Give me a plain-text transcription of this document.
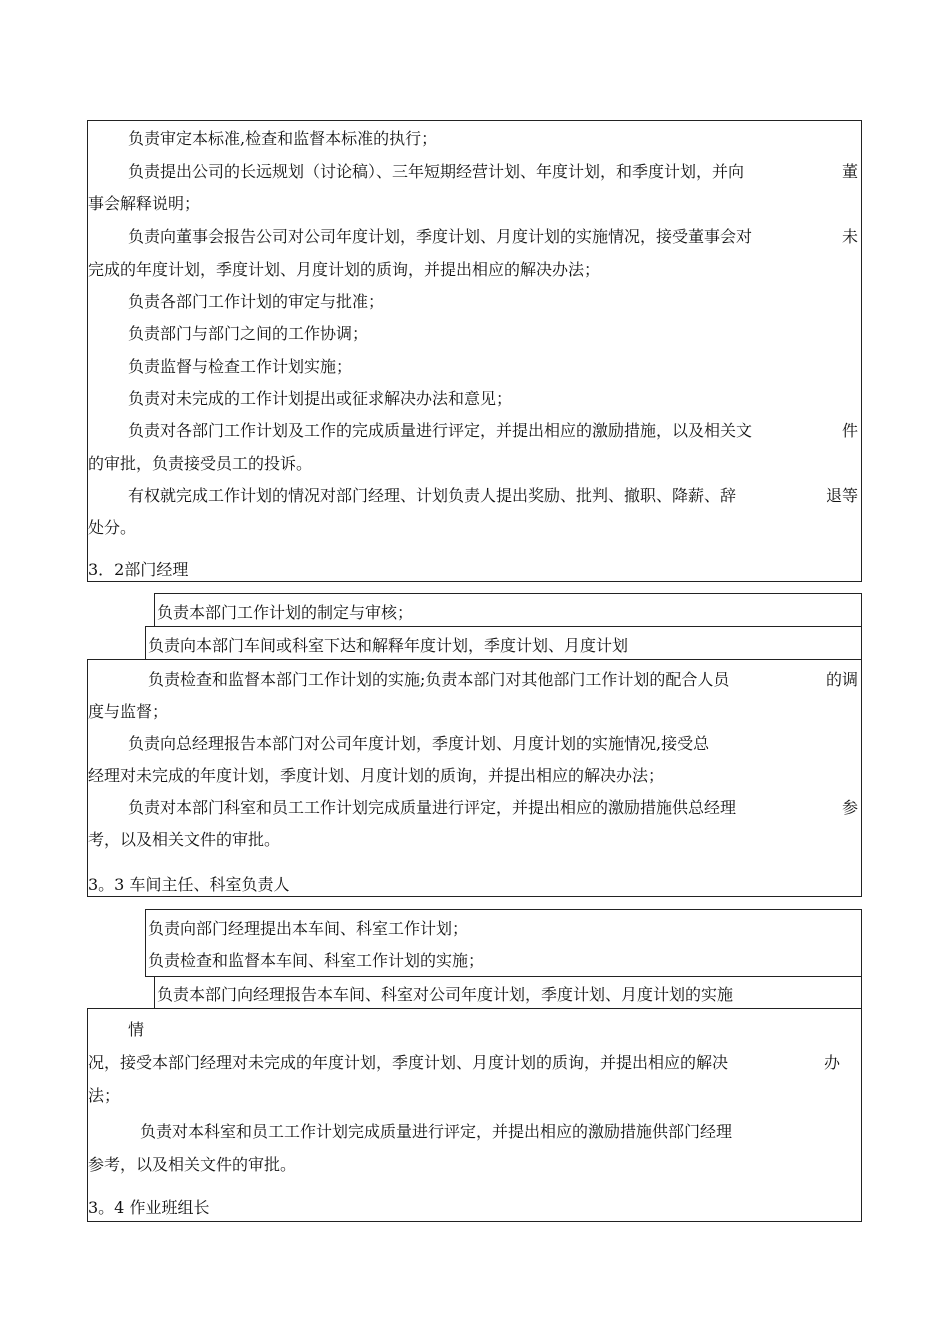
负责审定本标准,检查和监督本标准的执行；
负责提出公司的长远规划（讨论稿）、三年短期经营计划、年度计划，和季度计划，并向	董
事会解释说明；
负责向董事会报告公司对公司年度计划，季度计划、月度计划的实施情况，接受董事会对	未
完成的年度计划，季度计划、月度计划的质询，并提出相应的解决办法；
负责各部门工作计划的审定与批准；
负责部门与部门之间的工作协调；
负责监督与检查工作计划实施；
负责对未完成的工作计划提出或征求解决办法和意见；
负责对各部门工作计划及工作的完成质量进行评定，并提出相应的激励措施，以及相关文	件
的审批，负责接受员工的投诉。
有权就完成工作计划的情况对部门经理、计划负责人提出奖励、批判、撤职、降薪、辞	退等
处分。
3．2部门经理
负责本部门工作计划的制定与审核；
负责向本部门车间或科室下达和解释年度计划，季度计划、月度计划
负责检查和监督本部门工作计划的实施;负责本部门对其他部门工作计划的配合人员	的调
度与监督；
负责向总经理报告本部门对公司年度计划，季度计划、月度计划的实施情况,接受总
经理对未完成的年度计划，季度计划、月度计划的质询，并提出相应的解决办法；
负责对本部门科室和员工工作计划完成质量进行评定，并提出相应的激励措施供总经理	参
考，以及相关文件的审批。
3。3 车间主任、科室负责人
负责向部门经理提出本车间、科室工作计划；
负责检查和监督本车间、科室工作计划的实施；
负责本部门向经理报告本车间、科室对公司年度计划，季度计划、月度计划的实施
情
况，接受本部门经理对未完成的年度计划，季度计划、月度计划的质询，并提出相应的解决	办
法；
负责对本科室和员工工作计划完成质量进行评定，并提出相应的激励措施供部门经理
参考，以及相关文件的审批。
3。4 作业班组长
